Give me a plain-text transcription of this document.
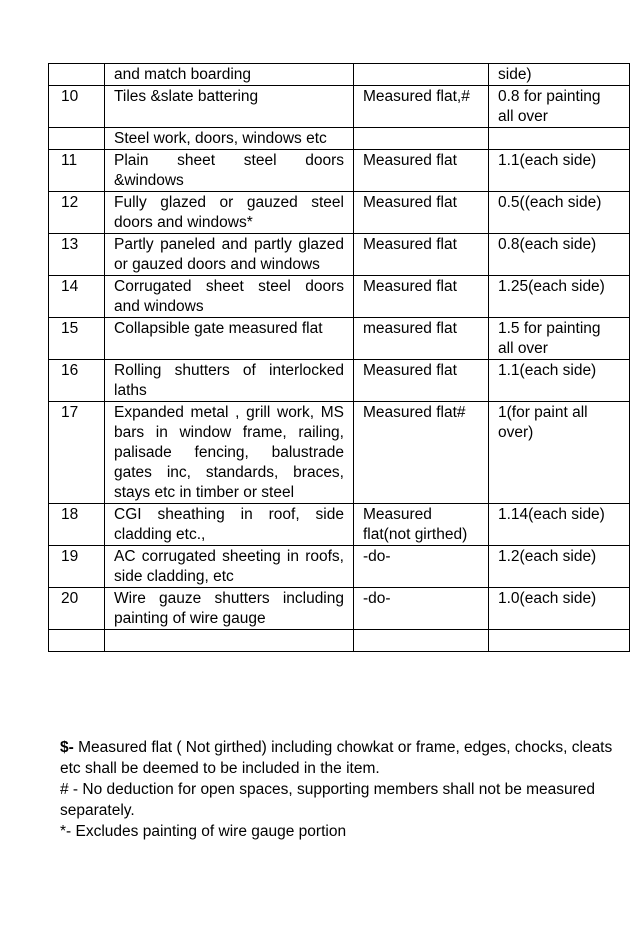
	and match boarding		side)
10	Tiles &slate battering	Measured flat,#	0.8 for painting all over
	Steel work, doors, windows etc		
11	Plain sheet steel doors &windows	Measured flat	1.1(each side)
12	Fully glazed or gauzed steel doors and windows*	Measured flat	0.5((each side)
13	Partly paneled and partly glazed or gauzed doors and windows	Measured flat	0.8(each side)
14	Corrugated sheet steel doors and windows	Measured flat	1.25(each side)
15	Collapsible gate measured flat	measured flat	1.5 for painting all over
16	Rolling shutters of interlocked laths	Measured flat	1.1(each side)
17	Expanded metal , grill work, MS bars in window frame, railing, palisade fencing, balustrade gates inc, standards, braces, stays etc in timber or steel	Measured flat#	1(for paint all over)
18	CGI sheathing in roof, side cladding etc.,	Measured flat(not girthed)	1.14(each side)
19	AC corrugated sheeting in roofs, side cladding, etc	-do-	1.2(each side)
20	Wire gauze shutters including painting of wire gauge	-do-	1.0(each side)

$- Measured flat ( Not girthed) including chowkat or frame, edges, chocks, cleats etc shall be deemed to be included in the item.

# - No deduction for open spaces, supporting members shall not be measured separately.

*- Excludes painting of wire gauge portion
